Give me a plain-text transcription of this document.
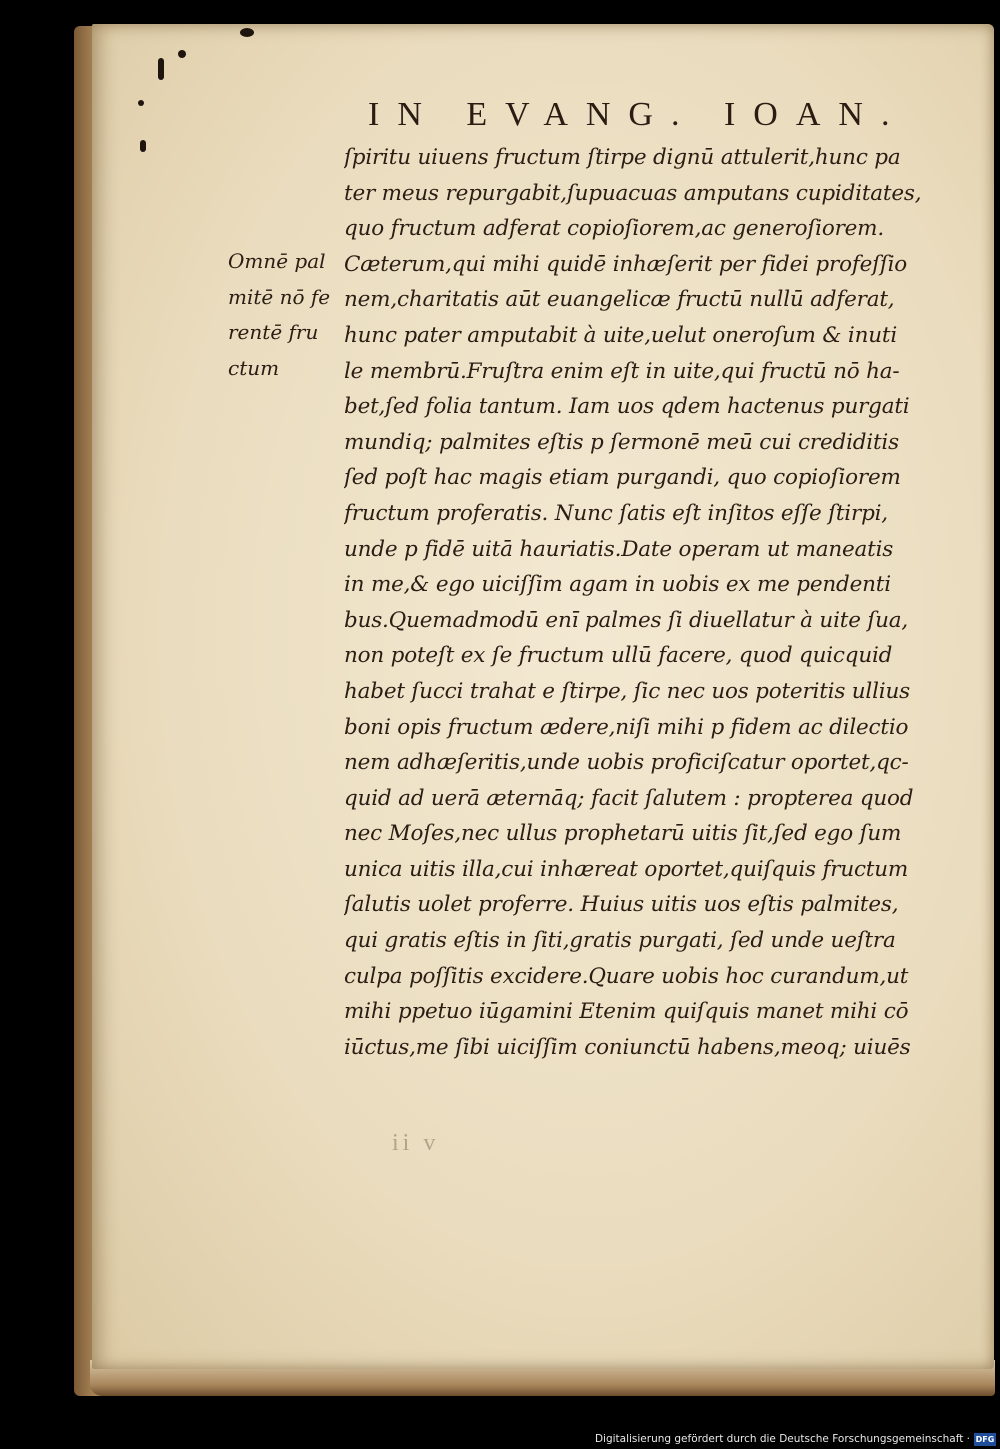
IN EVANG. IOAN.
Omnē pal
mitē nō fe
rentē fru
ctum
ſpiritu uiuens fructum ſtirpe dignū attulerit,hunc pa
ter meus repurgabit,ſupuacuas amputans cupiditates,
quo fructum adferat copioſiorem,ac generoſiorem.
Cæterum,qui mihi quidē inhæſerit per fidei profeſſio
nem,charitatis aūt euangelicæ fructū nullū adferat,
hunc pater amputabit à uite,uelut oneroſum & inuti
le membrū.Fruſtra enim eſt in uite,qui fructū nō ha-
bet,ſed folia tantum. Iam uos qdem hactenus purgati
mundiq; palmites eſtis p ſermonē meū cui crediditis
ſed poſt hac magis etiam purgandi, quo copioſiorem
fructum proferatis. Nunc ſatis eſt inſitos eſſe ſtirpi,
unde p fidē uitā hauriatis.Date operam ut maneatis
in me,& ego uiciſſim agam in uobis ex me pendenti
bus.Quemadmodū enī palmes ſi diuellatur à uite ſua,
non poteſt ex ſe fructum ullū facere, quod quicquid
habet ſucci trahat e ſtirpe, ſic nec uos poteritis ullius
boni opis fructum ædere,niſi mihi p fidem ac dilectio
nem adhæſeritis,unde uobis proficiſcatur oportet,qc-
quid ad uerā æternāq; facit ſalutem : propterea quod
nec Moſes,nec ullus prophetarū uitis ſit,ſed ego ſum
unica uitis illa,cui inhæreat oportet,quiſquis fructum
ſalutis uolet proferre. Huius uitis uos eſtis palmites,
qui gratis eſtis in ſiti,gratis purgati, ſed unde ueſtra
culpa poſſitis excidere.Quare uobis hoc curandum,ut
mihi ppetuo iūgamini Etenim quiſquis manet mihi cō
iūctus,me ſibi uiciſſim coniunctū habens,meoq; uiuēs
ii v
Digitalisierung gefördert durch die Deutsche Forschungsgemeinschaft · DFG
